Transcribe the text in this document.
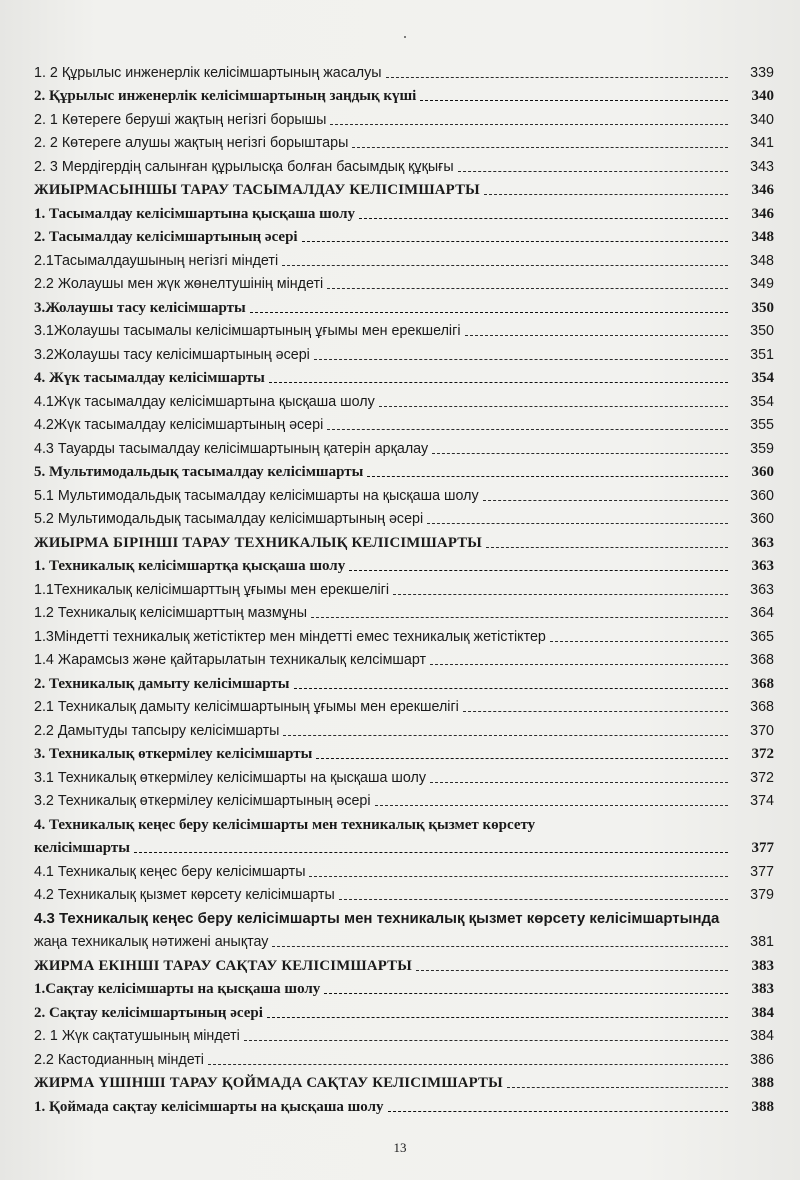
1. 2 Құрылыс инженерлік келісімшартының жасалуы	339
2. Құрылыс инженерлік келісімшартының заңдық күші	340
2. 1 Көтереге беруші жақтың негізгі борышы	340
2. 2 Көтереге алушы жақтың негізгі борыштары	341
2. 3 Мердігердің салынған құрылысқа болған басымдық құқығы	343
ЖИЫРМАСЫНШЫ ТАРАУ ТАСЫМАЛДАУ КЕЛІСІМШАРТЫ	346
1. Тасымалдау келісімшартына қысқаша шолу	346
2. Тасымалдау келісімшартының әсері	348
2.1Тасымалдаушының негізгі міндеті	348
2.2 Жолаушы мен жүк жөнелтушінің міндеті	349
3.Жолаушы тасу келісімшарты	350
3.1Жолаушы тасымалы келісімшартының ұғымы мен ерекшелігі	350
3.2Жолаушы тасу келісімшартының әсері	351
4. Жүк тасымалдау келісімшарты	354
4.1Жүк тасымалдау келісімшартына қысқаша шолу	354
4.2Жүк тасымалдау келісімшартының әсері	355
4.3 Тауарды тасымалдау келісімшартының қатерін арқалау	359
5. Мультимодальдық тасымалдау келісімшарты	360
5.1 Мультимодальдық тасымалдау келісімшарты на қысқаша шолу	360
5.2 Мультимодальдық тасымалдау келісімшартының әсері	360
ЖИЫРМА БІРІНШІ ТАРАУ ТЕХНИКАЛЫҚ КЕЛІСІМШАРТЫ	363
1. Техникалық келісімшартқа қысқаша шолу	363
1.1Техникалық келісімшарттың ұғымы мен ерекшелігі	363
1.2 Техникалық келісімшарттың мазмұны	364
1.3Міндетті техникалық жетістіктер мен міндетті емес техникалық жетістіктер	365
1.4 Жарамсыз және қайтарылатын техникалық келсімшарт	368
2. Техникалық дамыту келісімшарты	368
2.1 Техникалық дамыту келісімшартының ұғымы мен ерекшелігі	368
2.2 Дамытуды тапсыру келісімшарты	370
3. Техникалық өткермілеу келісімшарты	372
3.1 Техникалық өткермілеу келісімшарты на қысқаша шолу	372
3.2 Техникалық өткермілеу келісімшартының әсері	374
4. Техникалық кеңес беру келісімшарты мен техникалық қызмет көрсету
келісімшарты	377
4.1 Техникалық кеңес беру келісімшарты	377
4.2 Техникалық қызмет көрсету келісімшарты	379
4.3 Техникалық кеңес беру келісімшарты мен техникалық қызмет көрсету келісімшартында
жаңа техникалық нәтижені анықтау	381
ЖИРМА ЕКІНШІ ТАРАУ САҚТАУ КЕЛІСІМШАРТЫ	383
1.Сақтау келісімшарты на қысқаша шолу	383
2. Сақтау келісімшартының әсері	384
2. 1 Жүк сақтатушының міндеті	384
2.2 Кастодианның міндеті	386
ЖИРМА ҮШІНШІ ТАРАУ ҚОЙМАДА САҚТАУ КЕЛІСІМШАРТЫ	388
1. Қоймада сақтау келісімшарты на қысқаша шолу	388
13
